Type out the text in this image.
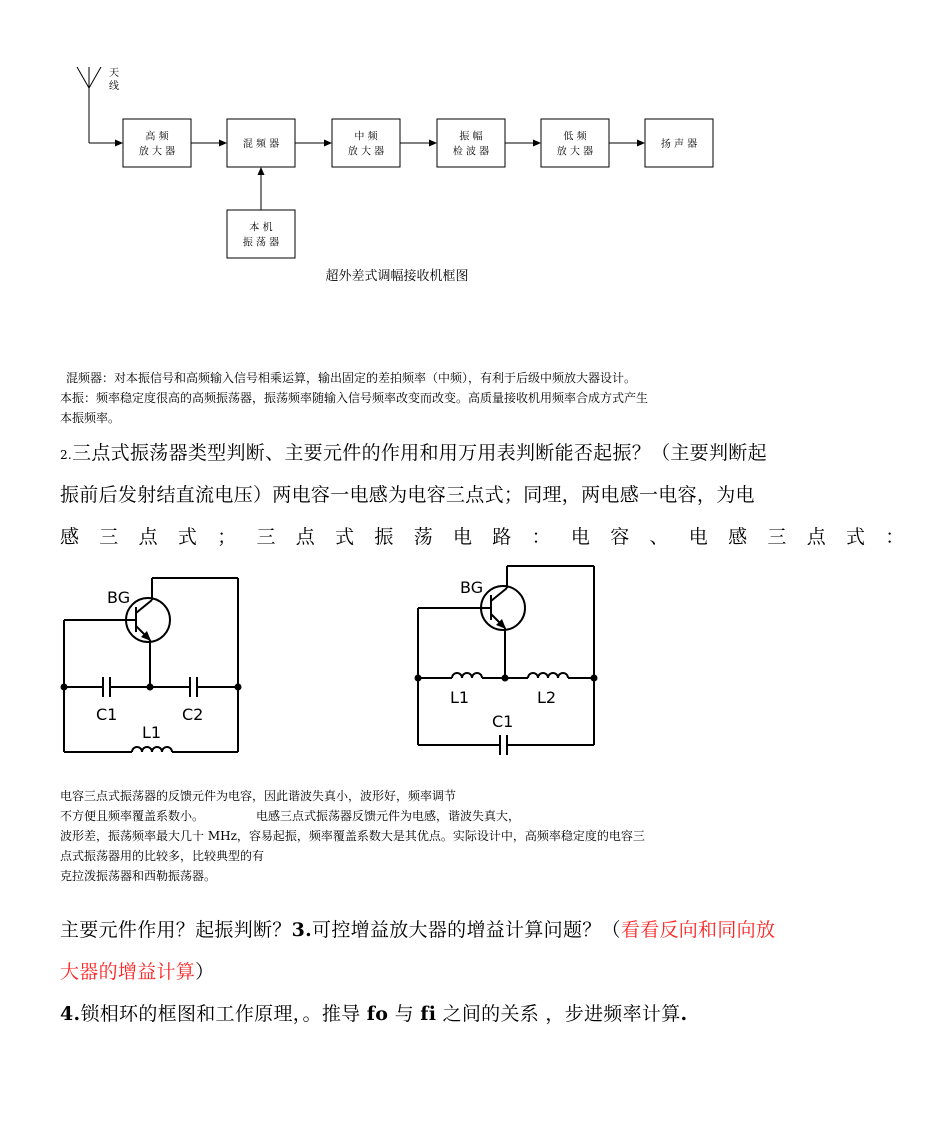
天
线
高 频
放 大 器
混 频 器
中 频
放 大 器
振 幅
检 波 器
低 频
放 大 器
扬 声 器
本 机
振 荡 器
超外差式调幅接收机框图
混频器：对本振信号和高频输入信号相乘运算，输出固定的差拍频率（中频），有利于后级中频放大器设计。
本振：频率稳定度很高的高频振荡器，振荡频率随输入信号频率改变而改变。高质量接收机用频率合成方式产生
本振频率。
2.三点式振荡器类型判断、主要元件的作用和用万用表判断能否起振？（主要判断起
振前后发射结直流电压）两电容一电感为电容三点式；同理，两电感一电容，为电
感三点式；三点式振荡电路：电容、电感三点式：
BG
C1	C2
L1
BG
L1	L2
C1
电容三点式振荡器的反馈元件为电容，因此谐波失真小，波形好，频率调节
不方便且频率覆盖系数小。	电感三点式振荡器反馈元件为电感，谐波失真大，
波形差，振荡频率最大几十 MHz，容易起振，频率覆盖系数大是其优点。实际设计中，高频率稳定度的电容三
点式振荡器用的比较多，比较典型的有
克拉泼振荡器和西勒振荡器。
主要元件作用？起振判断？3.可控增益放大器的增益计算问题？（看看反向和同向放
大器的增益计算）
4.锁相环的框图和工作原理，。推导 fo 与 fi 之间的关系 ，步进频率计算.
